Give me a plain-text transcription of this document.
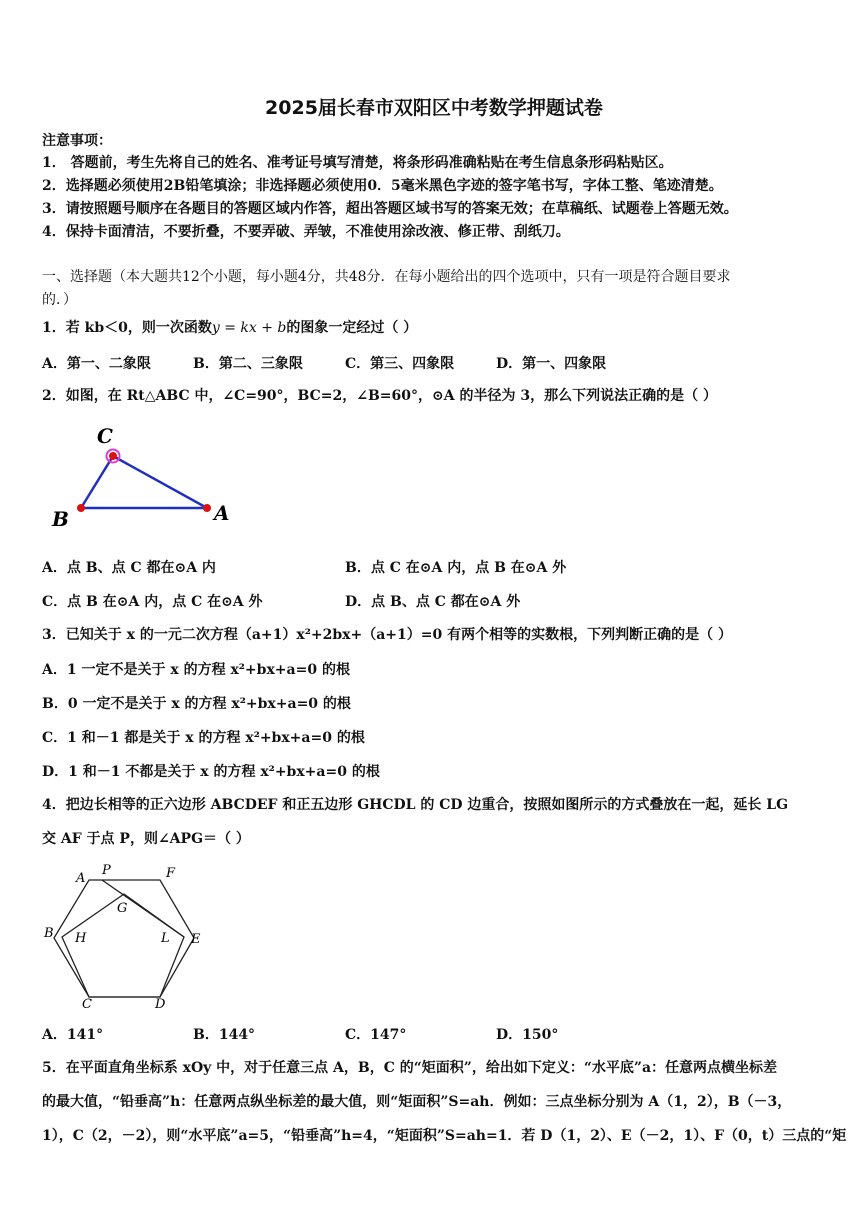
2025届长春市双阳区中考数学押题试卷
注意事项：
1． 答题前，考生先将自己的姓名、准考证号填写清楚，将条形码准确粘贴在考生信息条形码粘贴区。
2．选择题必须使用2B铅笔填涂；非选择题必须使用0．5毫米黑色字迹的签字笔书写，字体工整、笔迹清楚。
3．请按照题号顺序在各题目的答题区域内作答，超出答题区域书写的答案无效；在草稿纸、试题卷上答题无效。
4．保持卡面清洁，不要折叠，不要弄破、弄皱，不准使用涂改液、修正带、刮纸刀。
一、选择题（本大题共12个小题，每小题4分，共48分．在每小题给出的四个选项中，只有一项是符合题目要求
的．）
1．若 kb＜0，则一次函数y = kx + b的图象一定经过（ ）
A．第一、二象限	B．第二、三象限	C．第三、四象限	D．第一、四象限
2．如图，在 Rt△ABC 中，∠C=90°，BC=2，∠B=60°，⊙A 的半径为 3，那么下列说法正确的是（ ）
C
B	A
A．点 B、点 C 都在⊙A 内	B．点 C 在⊙A 内，点 B 在⊙A 外
C．点 B 在⊙A 内，点 C 在⊙A 外	D．点 B、点 C 都在⊙A 外
3．已知关于 x 的一元二次方程（a+1）x²+2bx+（a+1）=0 有两个相等的实数根，下列判断正确的是（ ）
A．1 一定不是关于 x 的方程 x²+bx+a=0 的根
B．0 一定不是关于 x 的方程 x²+bx+a=0 的根
C．1 和－1 都是关于 x 的方程 x²+bx+a=0 的根
D．1 和－1 不都是关于 x 的方程 x²+bx+a=0 的根
4．把边长相等的正六边形 ABCDEF 和正五边形 GHCDL 的 CD 边重合，按照如图所示的方式叠放在一起，延长 LG
交 AF 于点 P，则∠APG＝（ ）
A
P	F
G
B H	L E
C	D
A．141°	B．144°	C．147°	D．150°
5．在平面直角坐标系 xOy 中，对于任意三点 A，B，C 的“矩面积”，给出如下定义：“水平底”a：任意两点横坐标差
的最大值，“铅垂高”h：任意两点纵坐标差的最大值，则“矩面积”S=ah．例如：三点坐标分别为 A（1，2），B（－3，
1），C（2，－2），则“水平底”a=5，“铅垂高”h=4，“矩面积”S=ah=1．若 D（1，2）、E（－2，1）、F（0，t）三点的“矩
